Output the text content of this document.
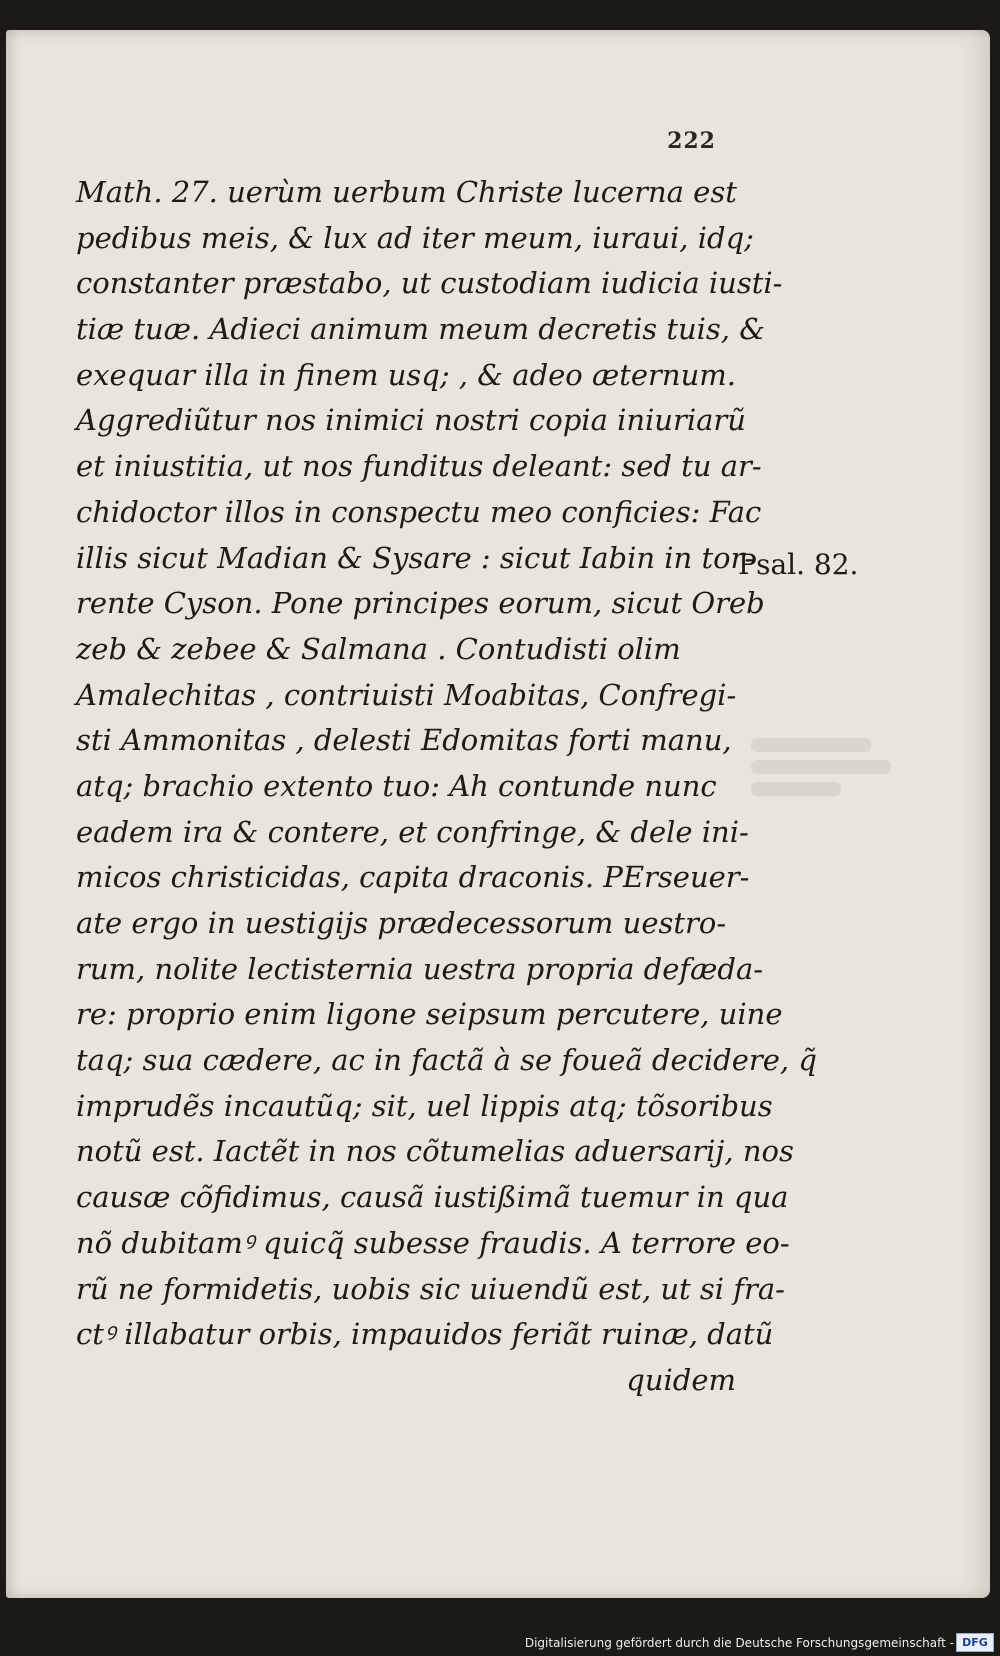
222
Math. 27. uerùm uerbum Christe lucerna est
pedibus meis, & lux ad iter meum, iuraui, idq;
constanter præstabo, ut custodiam iudicia iusti-
tiæ tuæ. Adieci animum meum decretis tuis, &
exequar illa in finem usq; , & adeo æternum.
Aggrediũtur nos inimici nostri copia iniuriarũ
et iniustitia, ut nos funditus deleant: sed tu ar-
chidoctor illos in conspectu meo conficies: Fac
illis sicut Madian & Sysare : sicut Iabin in tor-
rente Cyson. Pone principes eorum, sicut Oreb
zeb & zebee & Salmana . Contudisti olim
Amalechitas , contriuisti Moabitas, Confregi-
sti Ammonitas , delesti Edomitas forti manu,
atq; brachio extento tuo: Ah contunde nunc
eadem ira & contere, et confringe, & dele ini-
micos christicidas, capita draconis. PErseuer-
ate ergo in uestigijs prædecessorum uestro-
rum, nolite lectisternia uestra propria defæda-
re: proprio enim ligone seipsum percutere, uine
taq; sua cædere, ac in factã à se foueã decidere, q̃
imprudẽs incautũq; sit, uel lippis atq; tõsoribus
notũ est. Iactẽt in nos cõtumelias aduersarij, nos
causæ cõfidimus, causã iustißimã tuemur in qua
nõ dubitamꝰ quicq̃ subesse fraudis. A terrore eo-
rũ ne formidetis, uobis sic uiuendũ est, ut si fra-
ctꝰ illabatur orbis, impauidos feriãt ruinæ, datũ
quidem
Psal. 82.
Digitalisierung gefördert durch die Deutsche Forschungsgemeinschaft - DFG
